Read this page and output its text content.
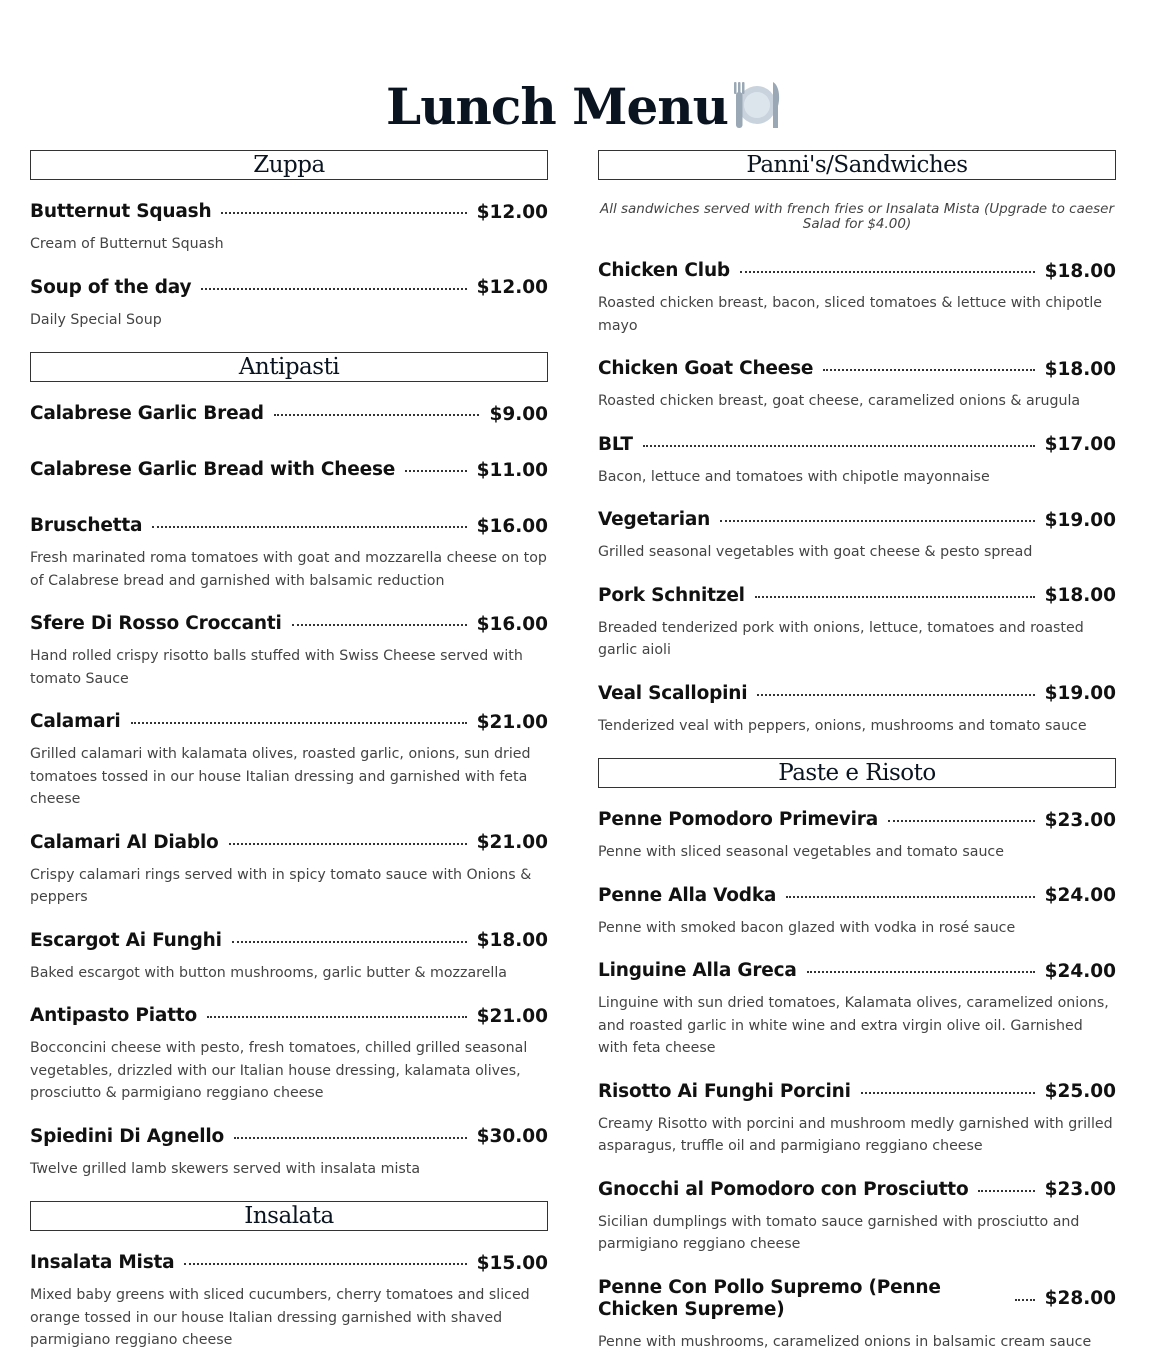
Lunch Menu
Zuppa
Butternut Squash	$12.00
Cream of Butternut Squash
Soup of the day	$12.00
Daily Special Soup
Antipasti
Calabrese Garlic Bread	$9.00
Calabrese Garlic Bread with Cheese	$11.00
Bruschetta	$16.00
Fresh marinated roma tomatoes with goat and mozzarella cheese on top of Calabrese bread and garnished with balsamic reduction
Sfere Di Rosso Croccanti	$16.00
Hand rolled crispy risotto balls stuffed with Swiss Cheese served with tomato Sauce
Calamari	$21.00
Grilled calamari with kalamata olives, roasted garlic, onions, sun dried tomatoes tossed in our house Italian dressing and garnished with feta cheese
Calamari Al Diablo	$21.00
Crispy calamari rings served with in spicy tomato sauce with Onions & peppers
Escargot Ai Funghi	$18.00
Baked escargot with button mushrooms, garlic butter & mozzarella
Antipasto Piatto	$21.00
Bocconcini cheese with pesto, fresh tomatoes, chilled grilled seasonal vegetables, drizzled with our Italian house dressing, kalamata olives, prosciutto & parmigiano reggiano cheese
Spiedini Di Agnello	$30.00
Twelve grilled lamb skewers served with insalata mista
Insalata
Insalata Mista	$15.00
Mixed baby greens with sliced cucumbers, cherry tomatoes and sliced orange tossed in our house Italian dressing garnished with shaved parmigiano reggiano cheese
Panni's/Sandwiches
All sandwiches served with french fries or Insalata Mista (Upgrade to caeser Salad for $4.00)
Chicken Club	$18.00
Roasted chicken breast, bacon, sliced tomatoes & lettuce with chipotle mayo
Chicken Goat Cheese	$18.00
Roasted chicken breast, goat cheese, caramelized onions & arugula
BLT	$17.00
Bacon, lettuce and tomatoes with chipotle mayonnaise
Vegetarian	$19.00
Grilled seasonal vegetables with goat cheese & pesto spread
Pork Schnitzel	$18.00
Breaded tenderized pork with onions, lettuce, tomatoes and roasted garlic aioli
Veal Scallopini	$19.00
Tenderized veal with peppers, onions, mushrooms and tomato sauce
Paste e Risoto
Penne Pomodoro Primevira	$23.00
Penne with sliced seasonal vegetables and tomato sauce
Penne Alla Vodka	$24.00
Penne with smoked bacon glazed with vodka in rosé sauce
Linguine Alla Greca	$24.00
Linguine with sun dried tomatoes, Kalamata olives, caramelized onions, and roasted garlic in white wine and extra virgin olive oil. Garnished with feta cheese
Risotto Ai Funghi Porcini	$25.00
Creamy Risotto with porcini and mushroom medly garnished with grilled asparagus, truffle oil and parmigiano reggiano cheese
Gnocchi al Pomodoro con Prosciutto	$23.00
Sicilian dumplings with tomato sauce garnished with prosciutto and parmigiano reggiano cheese
Penne Con Pollo Supremo (Penne Chicken Supreme)	$28.00
Penne with mushrooms, caramelized onions in balsamic cream sauce
